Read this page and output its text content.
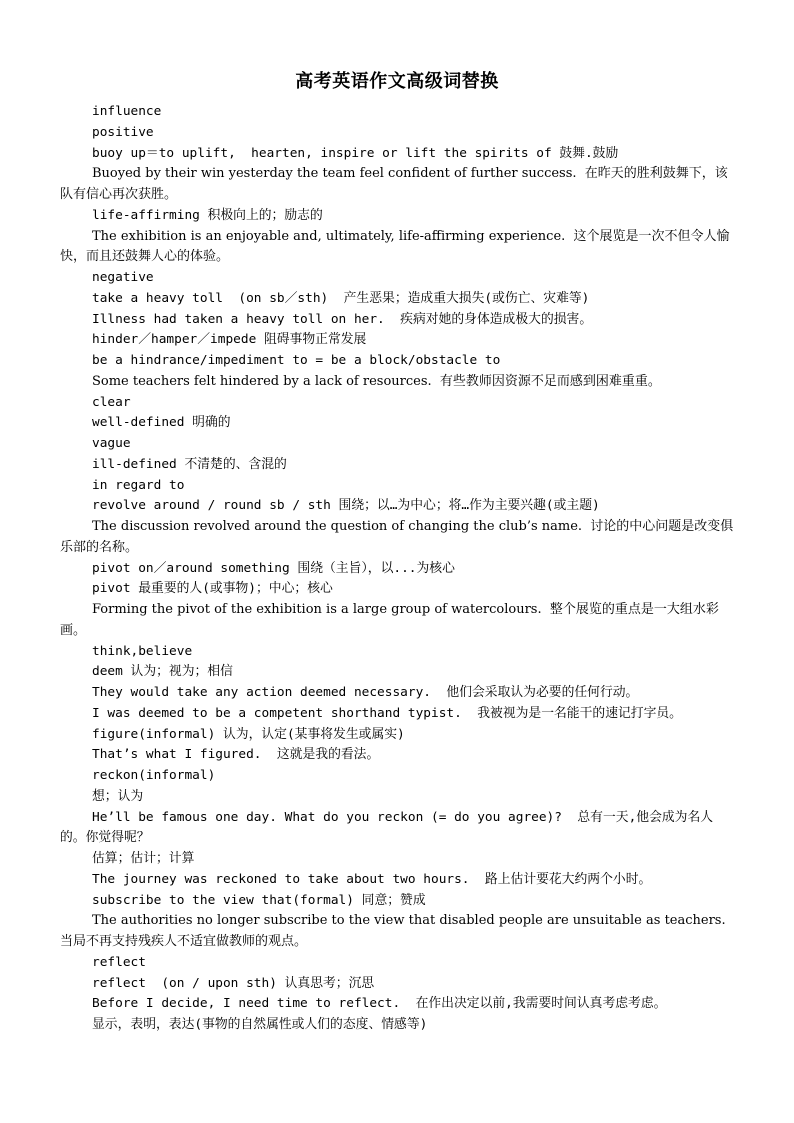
高考英语作文高级词替换

influence

positive

buoy up＝to uplift,  hearten, inspire or lift the spirits of 鼓舞.鼓励

Buoyed by their win yesterday the team feel confident of further success.  在昨天的胜利鼓舞下，该队有信心再次获胜。

life-affirming 积极向上的；励志的

The exhibition is an enjoyable and, ultimately, life-affirming experience.  这个展览是一次不但令人愉快，而且还鼓舞人心的体验。

negative

take a heavy toll  (on sb／sth)  产生恶果；造成重大损失(或伤亡、灾难等)

Illness had taken a heavy toll on her.  疾病对她的身体造成极大的损害。

hinder／hamper／impede 阻碍事物正常发展

be a hindrance/impediment to = be a block/obstacle to

Some teachers felt hindered by a lack of resources.  有些教师因资源不足而感到困难重重。

clear

well-defined 明确的

vague

ill-defined 不清楚的、含混的

in regard to

revolve around / round sb / sth 围绕；以…为中心；将…作为主要兴趣(或主题)

The discussion revolved around the question of changing the club’s name.  讨论的中心问题是改变俱乐部的名称。

pivot on／around something 围绕（主旨），以...为核心

pivot 最重要的人(或事物)；中心；核心

Forming the pivot of the exhibition is a large group of watercolours.  整个展览的重点是一大组水彩画。

think,believe

deem 认为；视为；相信

They would take any action deemed necessary.  他们会采取认为必要的任何行动。

I was deemed to be a competent shorthand typist.  我被视为是一名能干的速记打字员。

figure(informal) 认为，认定(某事将发生或属实)

That’s what I figured.  这就是我的看法。

reckon(informal)

想；认为

He’ll be famous one day. What do you reckon (= do you agree)?  总有一天,他会成为名人的。你觉得呢？

估算；估计；计算

The journey was reckoned to take about two hours.  路上估计要花大约两个小时。

subscribe to the view that(formal) 同意；赞成

The authorities no longer subscribe to the view that disabled people are unsuitable as teachers.  当局不再支持残疾人不适宜做教师的观点。

reflect

reflect  (on / upon sth) 认真思考；沉思

Before I decide, I need time to reflect.  在作出决定以前,我需要时间认真考虑考虑。

显示，表明，表达(事物的自然属性或人们的态度、情感等)
